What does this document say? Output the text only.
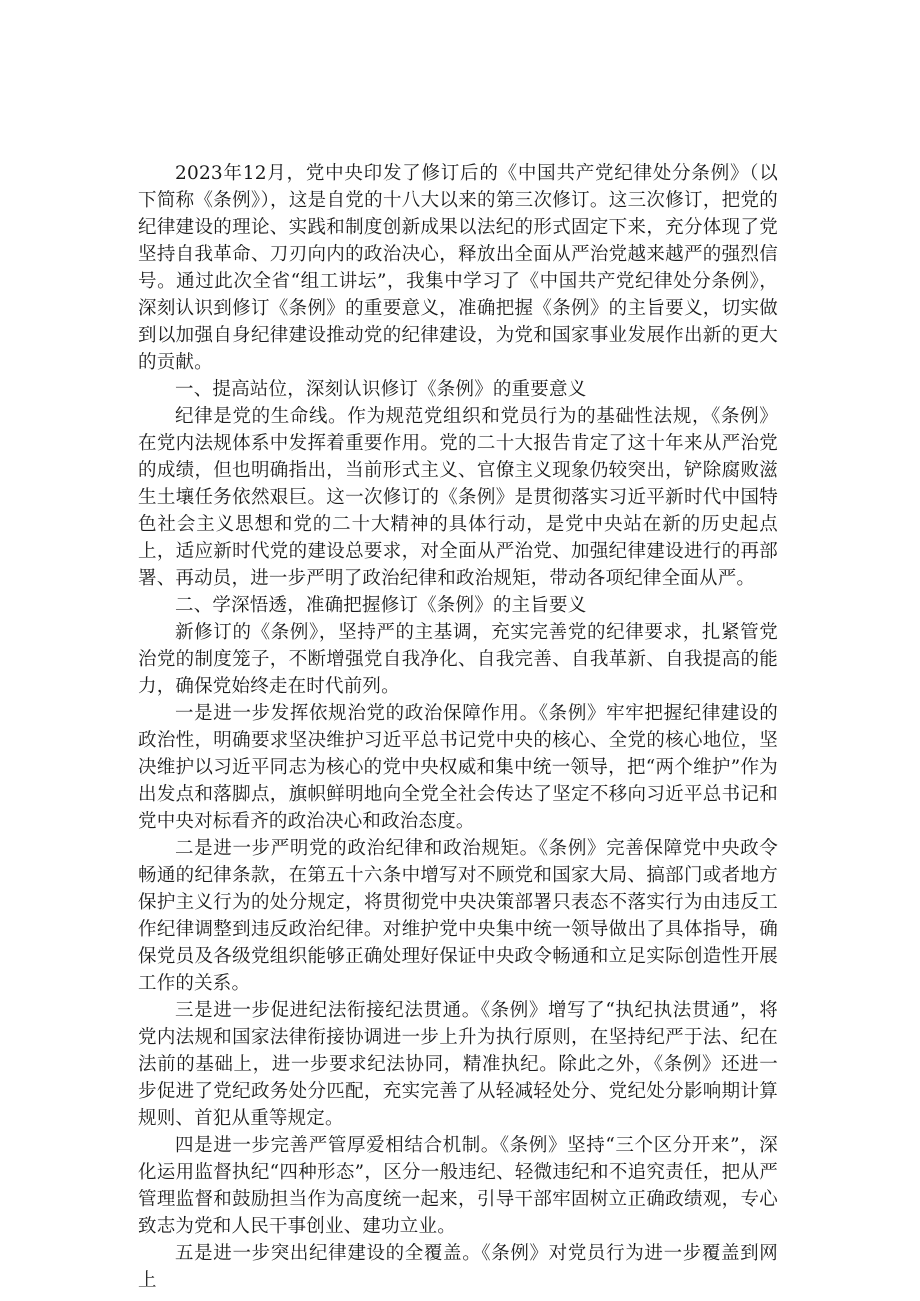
2023年12月，党中央印发了修订后的《中国共产党纪律处分条例》（以下简称《条例》），这是自党的十八大以来的第三次修订。这三次修订，把党的纪律建设的理论、实践和制度创新成果以法纪的形式固定下来，充分体现了党坚持自我革命、刀刃向内的政治决心，释放出全面从严治党越来越严的强烈信号。通过此次全省“组工讲坛”，我集中学习了《中国共产党纪律处分条例》，深刻认识到修订《条例》的重要意义，准确把握《条例》的主旨要义，切实做到以加强自身纪律建设推动党的纪律建设，为党和国家事业发展作出新的更大的贡献。

一、提高站位，深刻认识修订《条例》的重要意义

纪律是党的生命线。作为规范党组织和党员行为的基础性法规，《条例》在党内法规体系中发挥着重要作用。党的二十大报告肯定了这十年来从严治党的成绩，但也明确指出，当前形式主义、官僚主义现象仍较突出，铲除腐败滋生土壤任务依然艰巨。这一次修订的《条例》是贯彻落实习近平新时代中国特色社会主义思想和党的二十大精神的具体行动，是党中央站在新的历史起点上，适应新时代党的建设总要求，对全面从严治党、加强纪律建设进行的再部署、再动员，进一步严明了政治纪律和政治规矩，带动各项纪律全面从严。

二、学深悟透，准确把握修订《条例》的主旨要义

新修订的《条例》，坚持严的主基调，充实完善党的纪律要求，扎紧管党治党的制度笼子，不断增强党自我净化、自我完善、自我革新、自我提高的能力，确保党始终走在时代前列。

一是进一步发挥依规治党的政治保障作用。《条例》牢牢把握纪律建设的政治性，明确要求坚决维护习近平总书记党中央的核心、全党的核心地位，坚决维护以习近平同志为核心的党中央权威和集中统一领导，把“两个维护”作为出发点和落脚点，旗帜鲜明地向全党全社会传达了坚定不移向习近平总书记和党中央对标看齐的政治决心和政治态度。

二是进一步严明党的政治纪律和政治规矩。《条例》完善保障党中央政令畅通的纪律条款，在第五十六条中增写对不顾党和国家大局、搞部门或者地方保护主义行为的处分规定，将贯彻党中央决策部署只表态不落实行为由违反工作纪律调整到违反政治纪律。对维护党中央集中统一领导做出了具体指导，确保党员及各级党组织能够正确处理好保证中央政令畅通和立足实际创造性开展工作的关系。

三是进一步促进纪法衔接纪法贯通。《条例》增写了“执纪执法贯通”，将党内法规和国家法律衔接协调进一步上升为执行原则，在坚持纪严于法、纪在法前的基础上，进一步要求纪法协同，精准执纪。除此之外，《条例》还进一步促进了党纪政务处分匹配，充实完善了从轻减轻处分、党纪处分影响期计算规则、首犯从重等规定。

四是进一步完善严管厚爱相结合机制。《条例》坚持“三个区分开来”，深化运用监督执纪“四种形态”，区分一般违纪、轻微违纪和不追究责任，把从严管理监督和鼓励担当作为高度统一起来，引导干部牢固树立正确政绩观，专心致志为党和人民干事创业、建功立业。

五是进一步突出纪律建设的全覆盖。《条例》对党员行为进一步覆盖到网上
